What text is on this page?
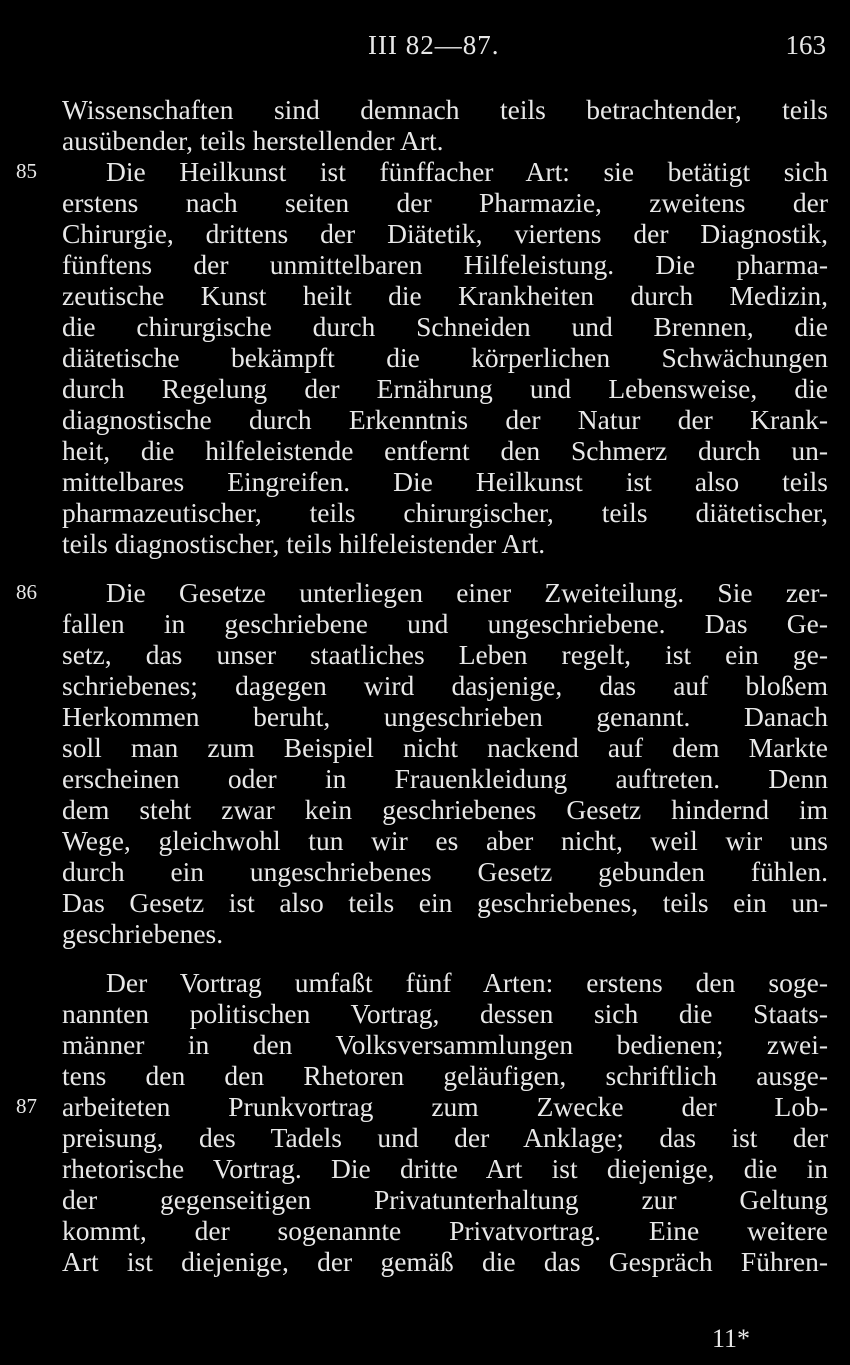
III 82—87.	163
Wissenschaften sind demnach teils betrachtender, teils
ausübender, teils herstellender Art.
85	Die Heilkunst ist fünffacher Art: sie betätigt sich
erstens nach seiten der Pharmazie, zweitens der
Chirurgie, drittens der Diätetik, viertens der Diagnostik,
fünftens der unmittelbaren Hilfeleistung. Die pharma-
zeutische Kunst heilt die Krankheiten durch Medizin,
die chirurgische durch Schneiden und Brennen, die
diätetische bekämpft die körperlichen Schwächungen
durch Regelung der Ernährung und Lebensweise, die
diagnostische durch Erkenntnis der Natur der Krank-
heit, die hilfeleistende entfernt den Schmerz durch un-
mittelbares Eingreifen. Die Heilkunst ist also teils
pharmazeutischer, teils chirurgischer, teils diätetischer,
teils diagnostischer, teils hilfeleistender Art.
86	Die Gesetze unterliegen einer Zweiteilung. Sie zer-
fallen in geschriebene und ungeschriebene. Das Ge-
setz, das unser staatliches Leben regelt, ist ein ge-
schriebenes; dagegen wird dasjenige, das auf bloßem
Herkommen beruht, ungeschrieben genannt. Danach
soll man zum Beispiel nicht nackend auf dem Markte
erscheinen oder in Frauenkleidung auftreten. Denn
dem steht zwar kein geschriebenes Gesetz hindernd im
Wege, gleichwohl tun wir es aber nicht, weil wir uns
durch ein ungeschriebenes Gesetz gebunden fühlen.
Das Gesetz ist also teils ein geschriebenes, teils ein un-
geschriebenes.
87
Der Vortrag umfaßt fünf Arten: erstens den soge-
nannten politischen Vortrag, dessen sich die Staats-
männer in den Volksversammlungen bedienen; zwei-
tens den den Rhetoren geläufigen, schriftlich ausge-
arbeiteten Prunkvortrag zum Zwecke der Lob-
preisung, des Tadels und der Anklage; das ist der
rhetorische Vortrag. Die dritte Art ist diejenige, die in
der gegenseitigen Privatunterhaltung zur Geltung
kommt, der sogenannte Privatvortrag. Eine weitere
Art ist diejenige, der gemäß die das Gespräch Führen-
11*
